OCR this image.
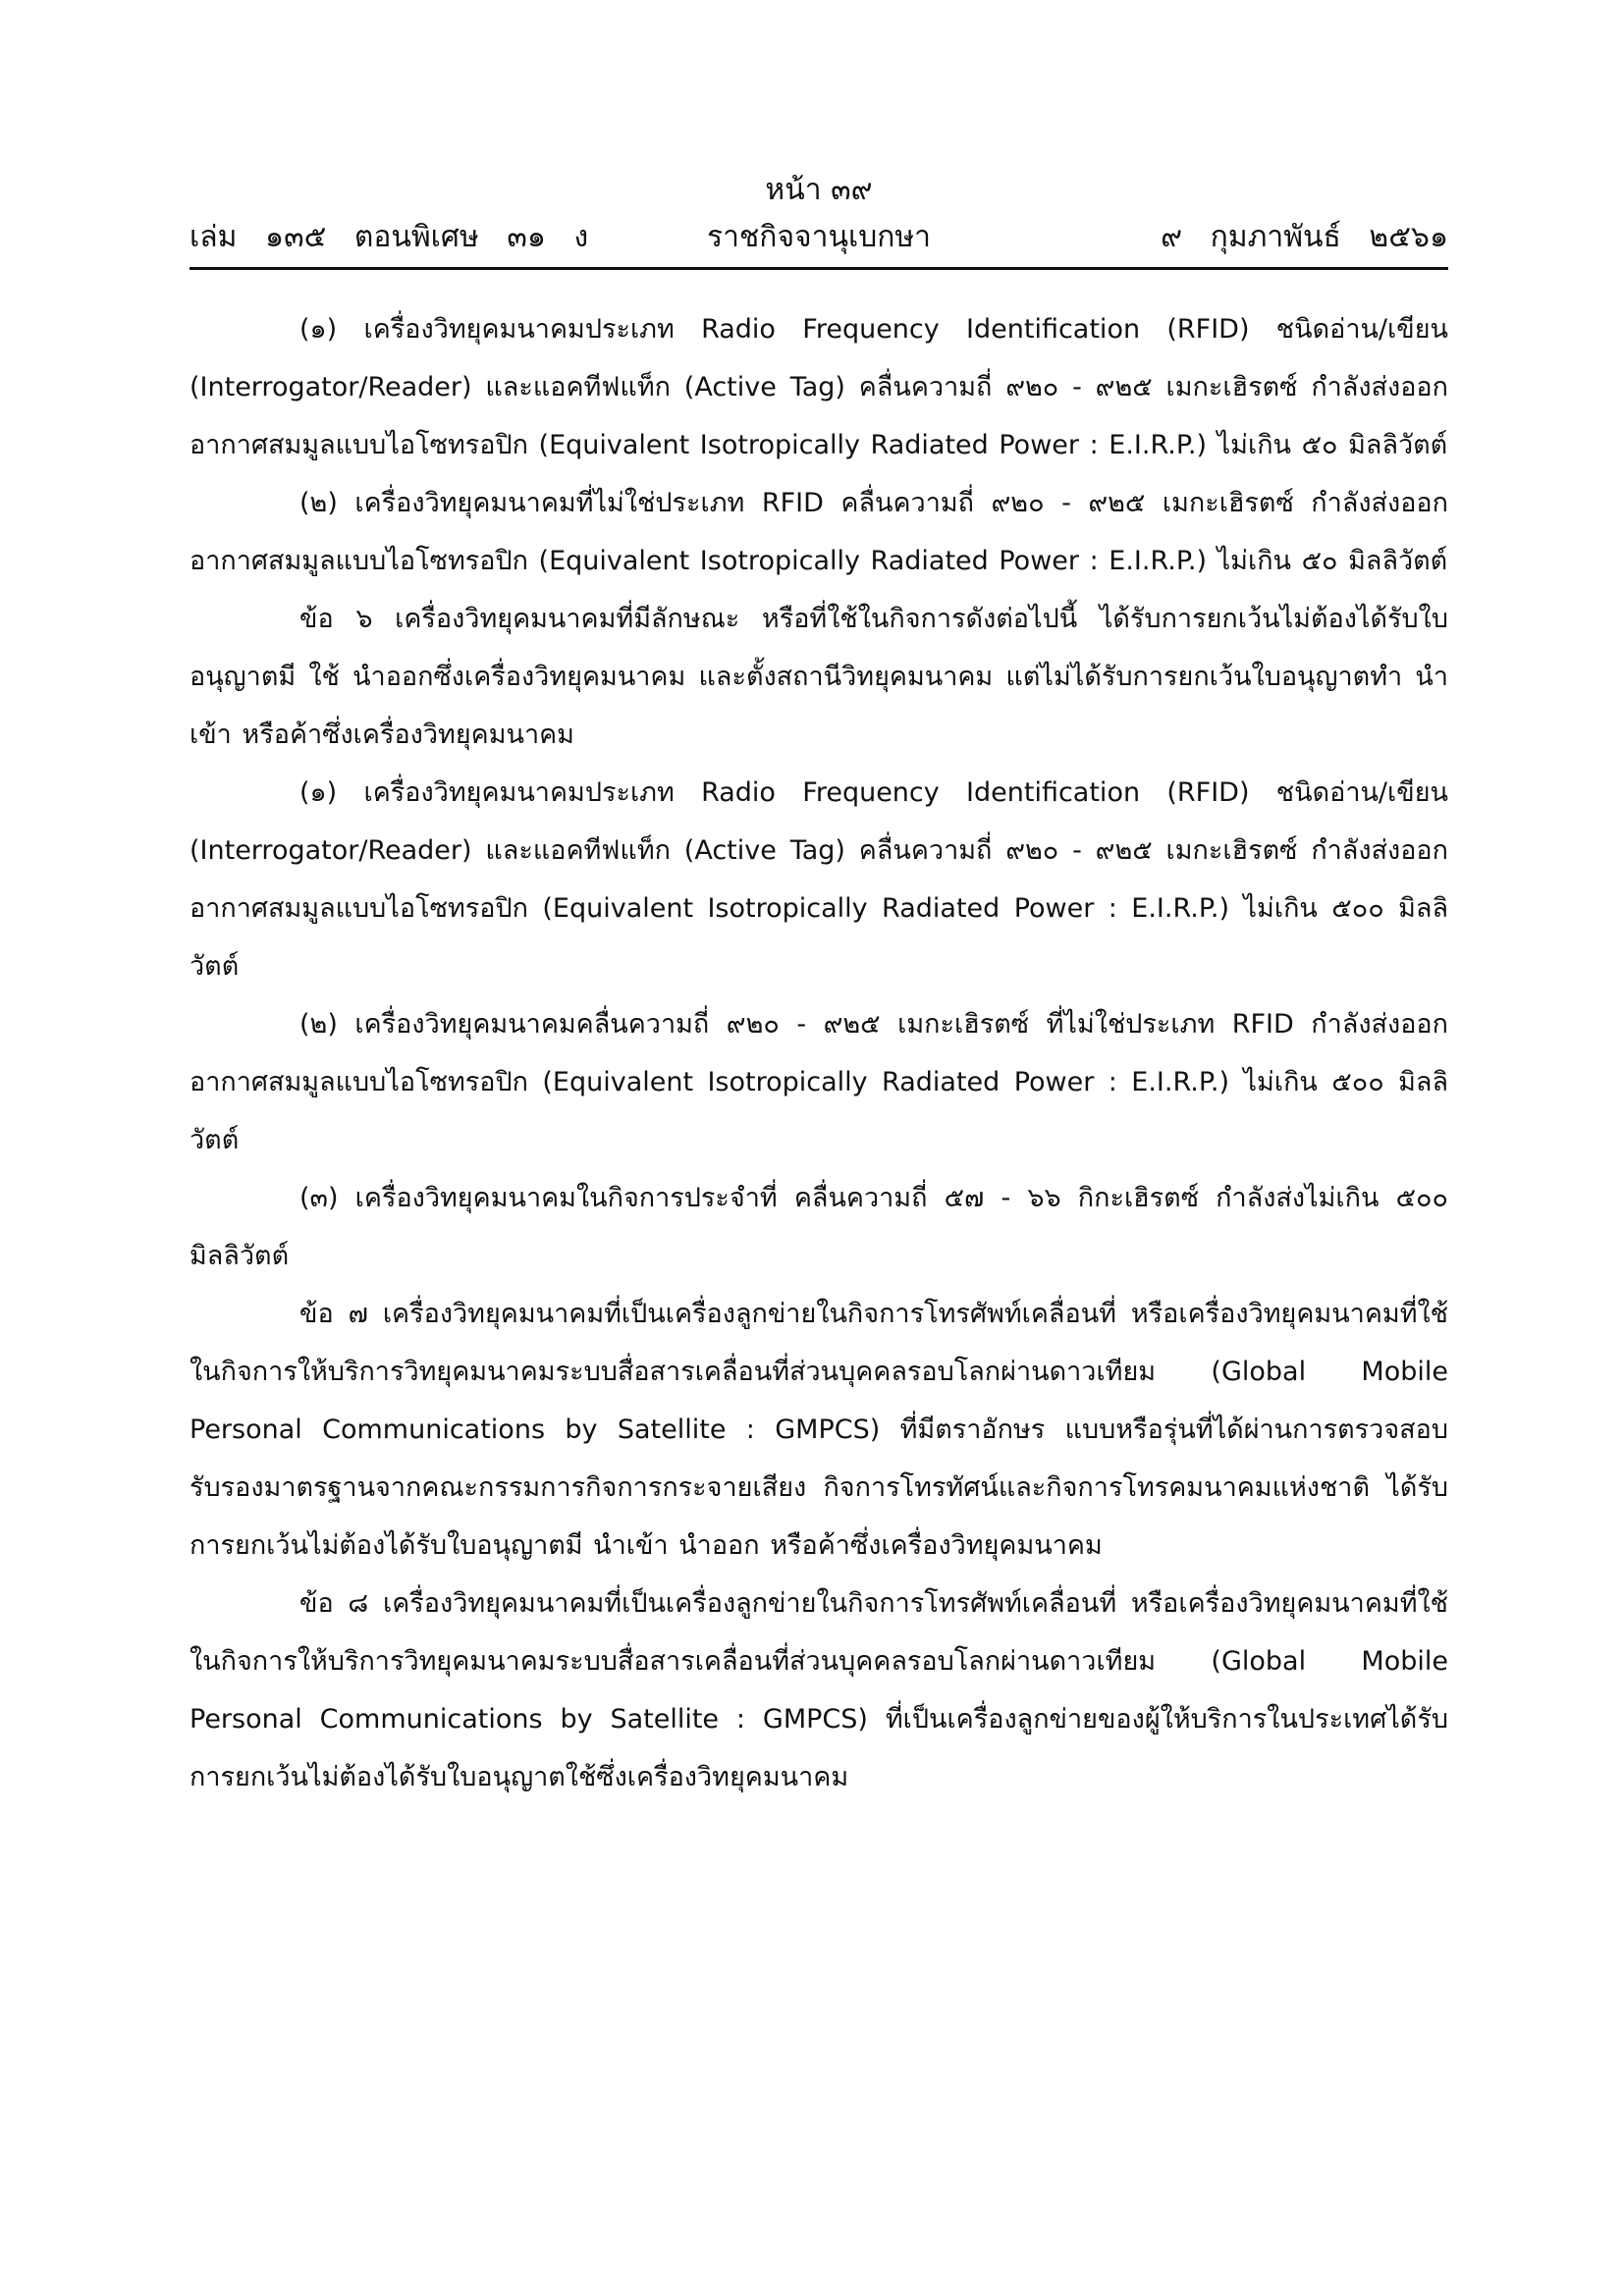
หน้า ๓๙
ราชกิจจานุเบกษา
เล่ม   ๑๓๕   ตอนพิเศษ   ๓๑   ง	๙   กุมภาพันธ์   ๒๕๖๑

(๑) เครื่องวิทยุคมนาคมประเภท Radio Frequency Identification (RFID) ชนิดอ่าน/เขียน (Interrogator/Reader) และแอคทีฟแท็ก (Active Tag) คลื่นความถี่ ๙๒๐ - ๙๒๕ เมกะเฮิรตซ์ กำลังส่งออกอากาศสมมูลแบบไอโซทรอปิก (Equivalent Isotropically Radiated Power : E.I.R.P.) ไม่เกิน ๕๐ มิลลิวัตต์

(๒) เครื่องวิทยุคมนาคมที่ไม่ใช่ประเภท RFID คลื่นความถี่ ๙๒๐ - ๙๒๕ เมกะเฮิรตซ์ กำลังส่งออกอากาศสมมูลแบบไอโซทรอปิก (Equivalent Isotropically Radiated Power : E.I.R.P.) ไม่เกิน ๕๐ มิลลิวัตต์

ข้อ ๖ เครื่องวิทยุคมนาคมที่มีลักษณะ หรือที่ใช้ในกิจการดังต่อไปนี้ ได้รับการยกเว้นไม่ต้องได้รับใบอนุญาตมี ใช้ นำออกซึ่งเครื่องวิทยุคมนาคม และตั้งสถานีวิทยุคมนาคม แต่ไม่ได้รับการยกเว้นใบอนุญาตทำ นำเข้า หรือค้าซึ่งเครื่องวิทยุคมนาคม

(๑) เครื่องวิทยุคมนาคมประเภท Radio Frequency Identification (RFID) ชนิดอ่าน/เขียน (Interrogator/Reader) และแอคทีฟแท็ก (Active Tag) คลื่นความถี่ ๙๒๐ - ๙๒๕ เมกะเฮิรตซ์ กำลังส่งออกอากาศสมมูลแบบไอโซทรอปิก (Equivalent Isotropically Radiated Power : E.I.R.P.) ไม่เกิน ๕๐๐ มิลลิวัตต์

(๒) เครื่องวิทยุคมนาคมคลื่นความถี่ ๙๒๐ - ๙๒๕ เมกะเฮิรตซ์ ที่ไม่ใช่ประเภท RFID กำลังส่งออกอากาศสมมูลแบบไอโซทรอปิก (Equivalent Isotropically Radiated Power : E.I.R.P.) ไม่เกิน ๕๐๐ มิลลิวัตต์

(๓) เครื่องวิทยุคมนาคมในกิจการประจำที่ คลื่นความถี่ ๕๗ - ๖๖ กิกะเฮิรตซ์ กำลังส่งไม่เกิน ๕๐๐ มิลลิวัตต์

ข้อ ๗ เครื่องวิทยุคมนาคมที่เป็นเครื่องลูกข่ายในกิจการโทรศัพท์เคลื่อนที่ หรือเครื่องวิทยุคมนาคมที่ใช้ในกิจการให้บริการวิทยุคมนาคมระบบสื่อสารเคลื่อนที่ส่วนบุคคลรอบโลกผ่านดาวเทียม (Global Mobile Personal Communications by Satellite : GMPCS) ที่มีตราอักษร แบบหรือรุ่นที่ได้ผ่านการตรวจสอบรับรองมาตรฐานจากคณะกรรมการกิจการกระจายเสียง กิจการโทรทัศน์และกิจการโทรคมนาคมแห่งชาติ ได้รับการยกเว้นไม่ต้องได้รับใบอนุญาตมี นำเข้า นำออก หรือค้าซึ่งเครื่องวิทยุคมนาคม

ข้อ ๘ เครื่องวิทยุคมนาคมที่เป็นเครื่องลูกข่ายในกิจการโทรศัพท์เคลื่อนที่ หรือเครื่องวิทยุคมนาคมที่ใช้ในกิจการให้บริการวิทยุคมนาคมระบบสื่อสารเคลื่อนที่ส่วนบุคคลรอบโลกผ่านดาวเทียม (Global Mobile Personal Communications by Satellite : GMPCS) ที่เป็นเครื่องลูกข่ายของผู้ให้บริการในประเทศได้รับการยกเว้นไม่ต้องได้รับใบอนุญาตใช้ซึ่งเครื่องวิทยุคมนาคม
